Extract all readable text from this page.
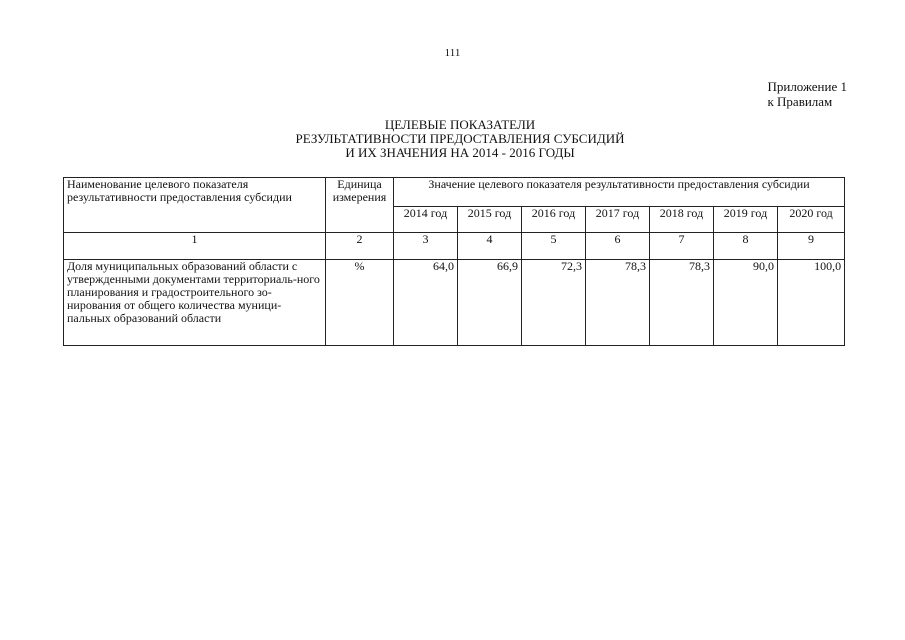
111
Приложение 1
к Правилам
ЦЕЛЕВЫЕ ПОКАЗАТЕЛИ
РЕЗУЛЬТАТИВНОСТИ ПРЕДОСТАВЛЕНИЯ СУБСИДИЙ
И ИХ ЗНАЧЕНИЯ НА 2014 - 2016 ГОДЫ
Наименование целевого показателя результативности предоставления субсидии	Единица измерения	Значение целевого показателя результативности предоставления субсидии						
		2014 год	2015 год	2016 год	2017 год	2018 год	2019 год	2020 год
1	2	3	4	5	6	7	8	9
Доля муниципальных образований области с утвержденными документами территориаль-ного планирования и градостроительного зо-нирования от общего количества муници-пальных образований области	%	64,0	66,9	72,3	78,3	78,3	90,0	100,0
